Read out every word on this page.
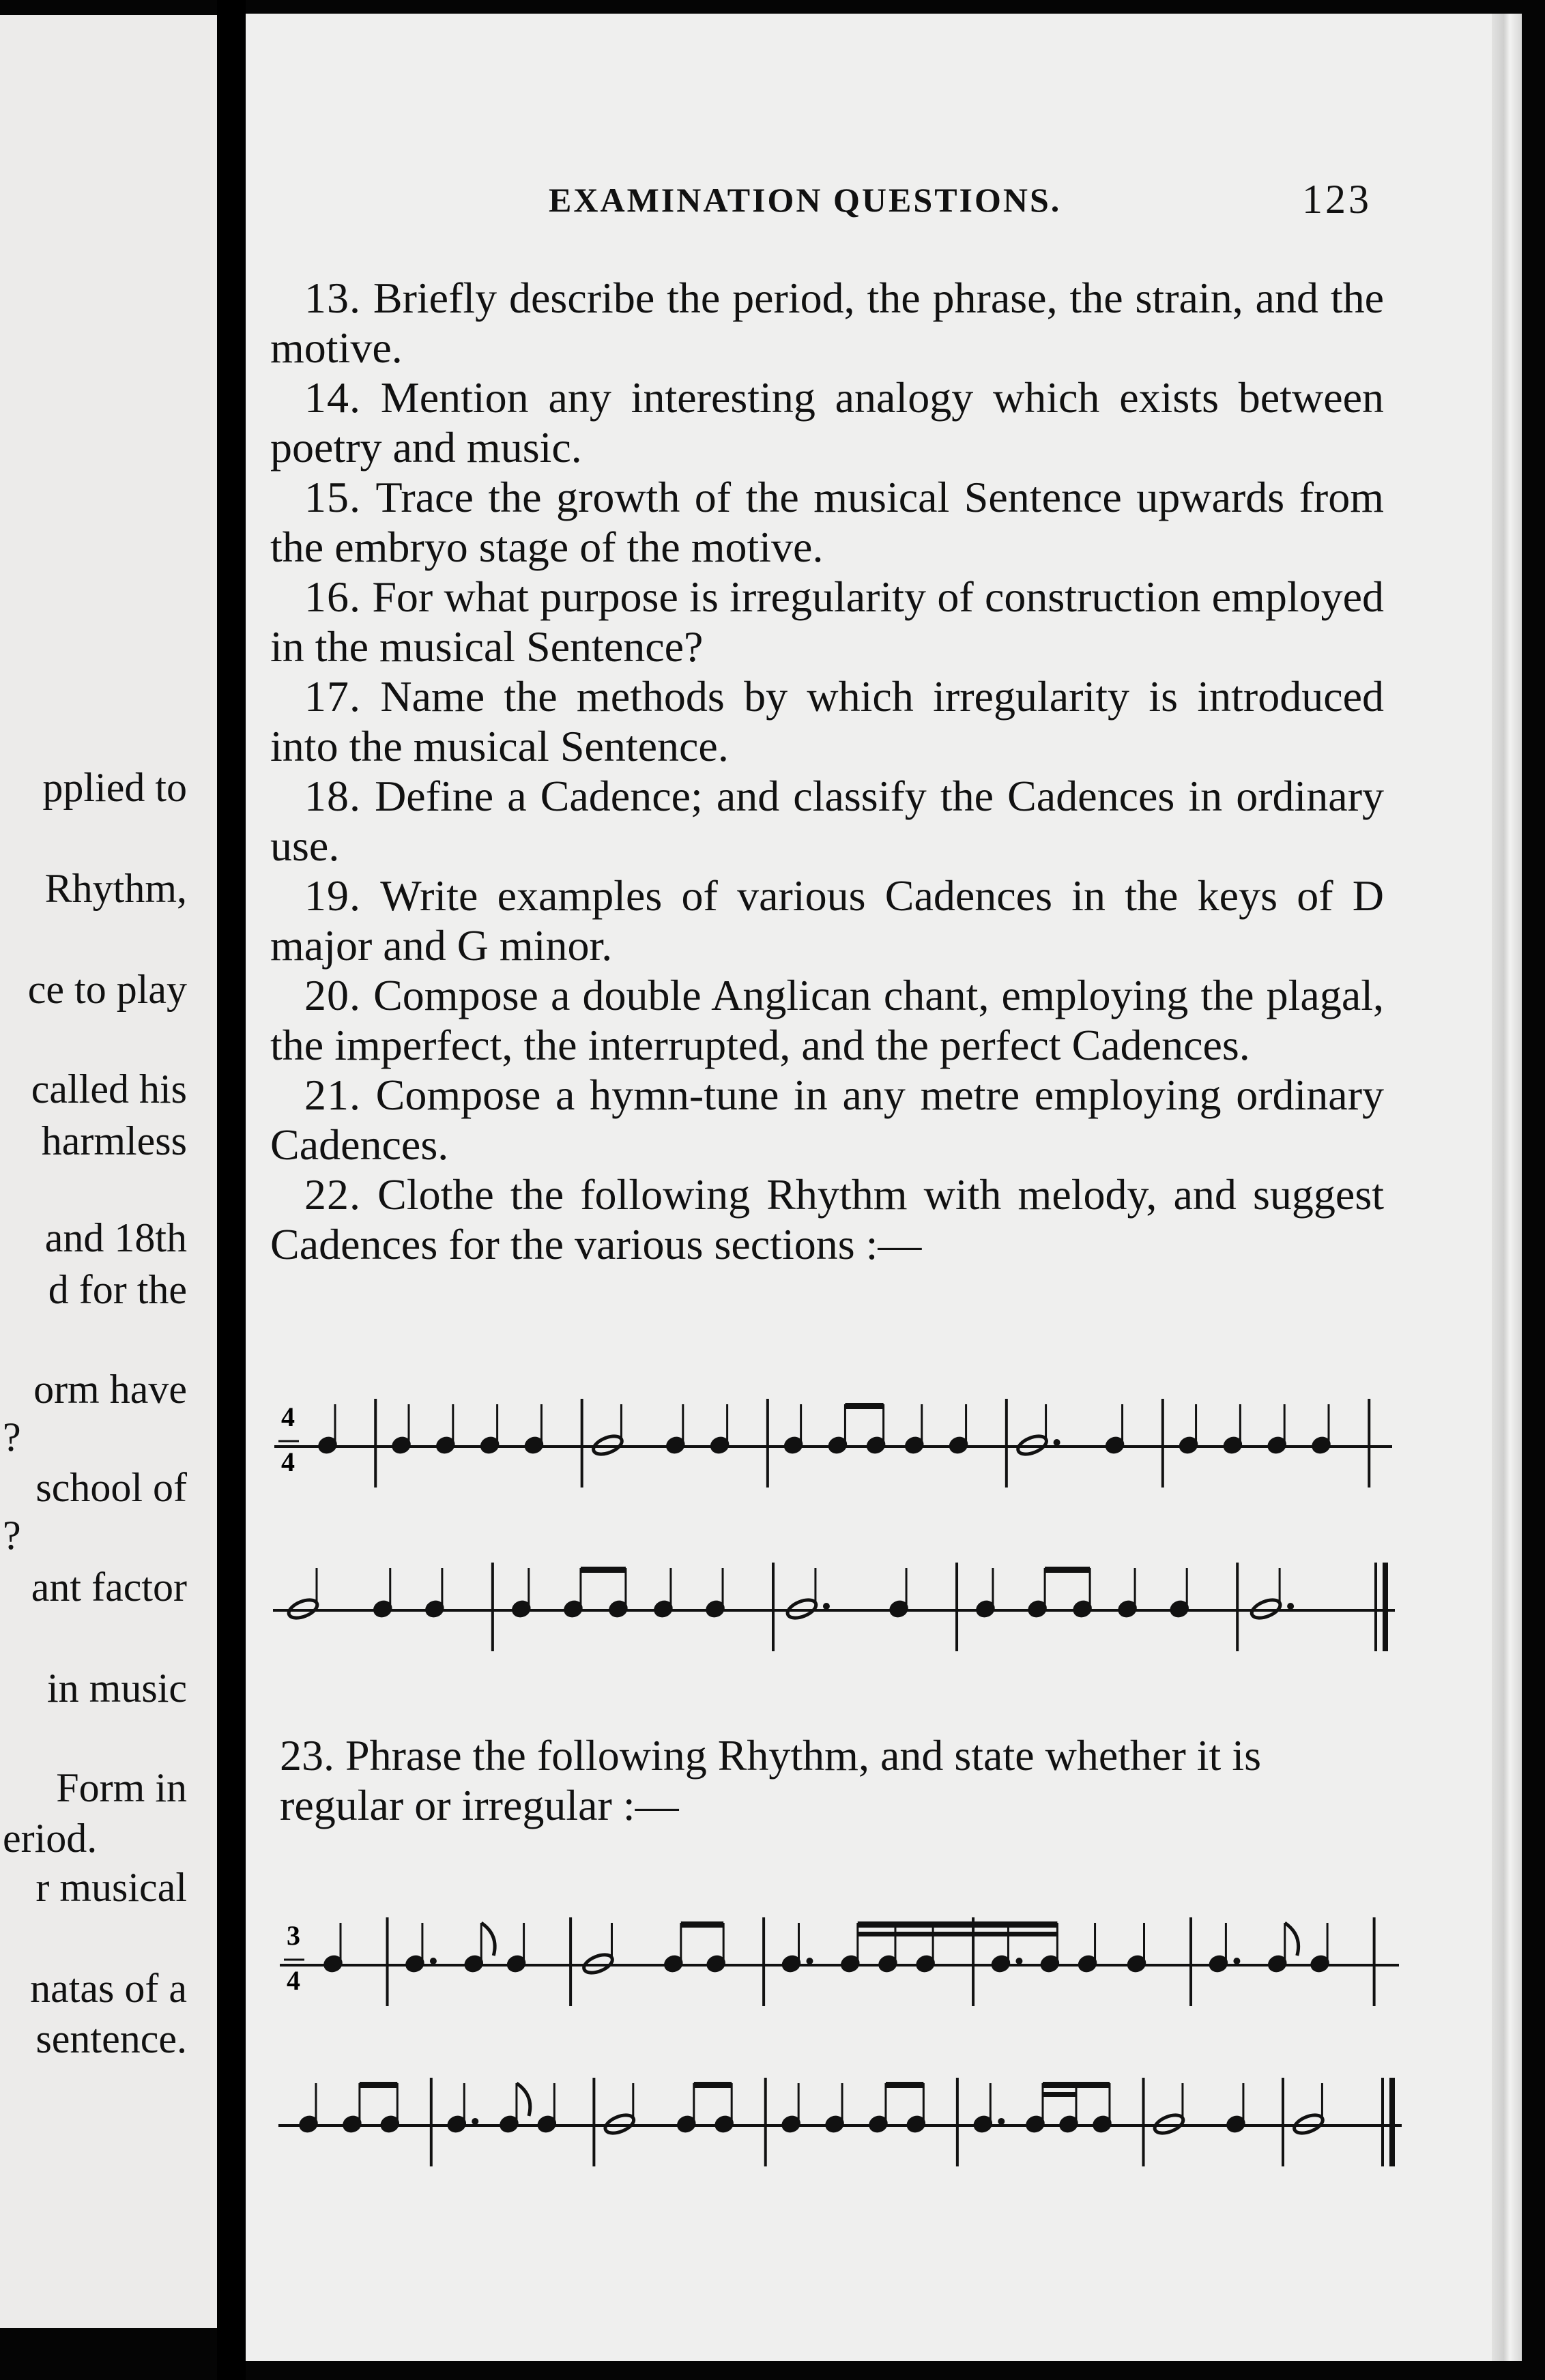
pplied to
Rhythm,
ce to play
called his
harmless
and 18th
d for the
orm have
?
school of
?
ant factor
in music
Form in
eriod.
r musical
natas of a
sentence.
EXAMINATION QUESTIONS.	123
13. Briefly describe the period, the phrase, the strain, and the motive.
14. Mention any interesting analogy which exists between poetry and music.
15. Trace the growth of the musical Sentence upwards from the embryo stage of the motive.
16. For what purpose is irregularity of construction employed in the musical Sentence?
17. Name the methods by which irregularity is introduced into the musical Sentence.
18. Define a Cadence; and classify the Cadences in ordinary use.
19. Write examples of various Cadences in the keys of D major and G minor.
20. Compose a double Anglican chant, employing the plagal, the imperfect, the interrupted, and the perfect Cadences.
21. Compose a hymn-tune in any metre employing ordinary Cadences.
22. Clothe the following Rhythm with melody, and suggest Cadences for the various sections :—
4
4
23. Phrase the following Rhythm, and state whether it is regular or irregular :—
3
4
